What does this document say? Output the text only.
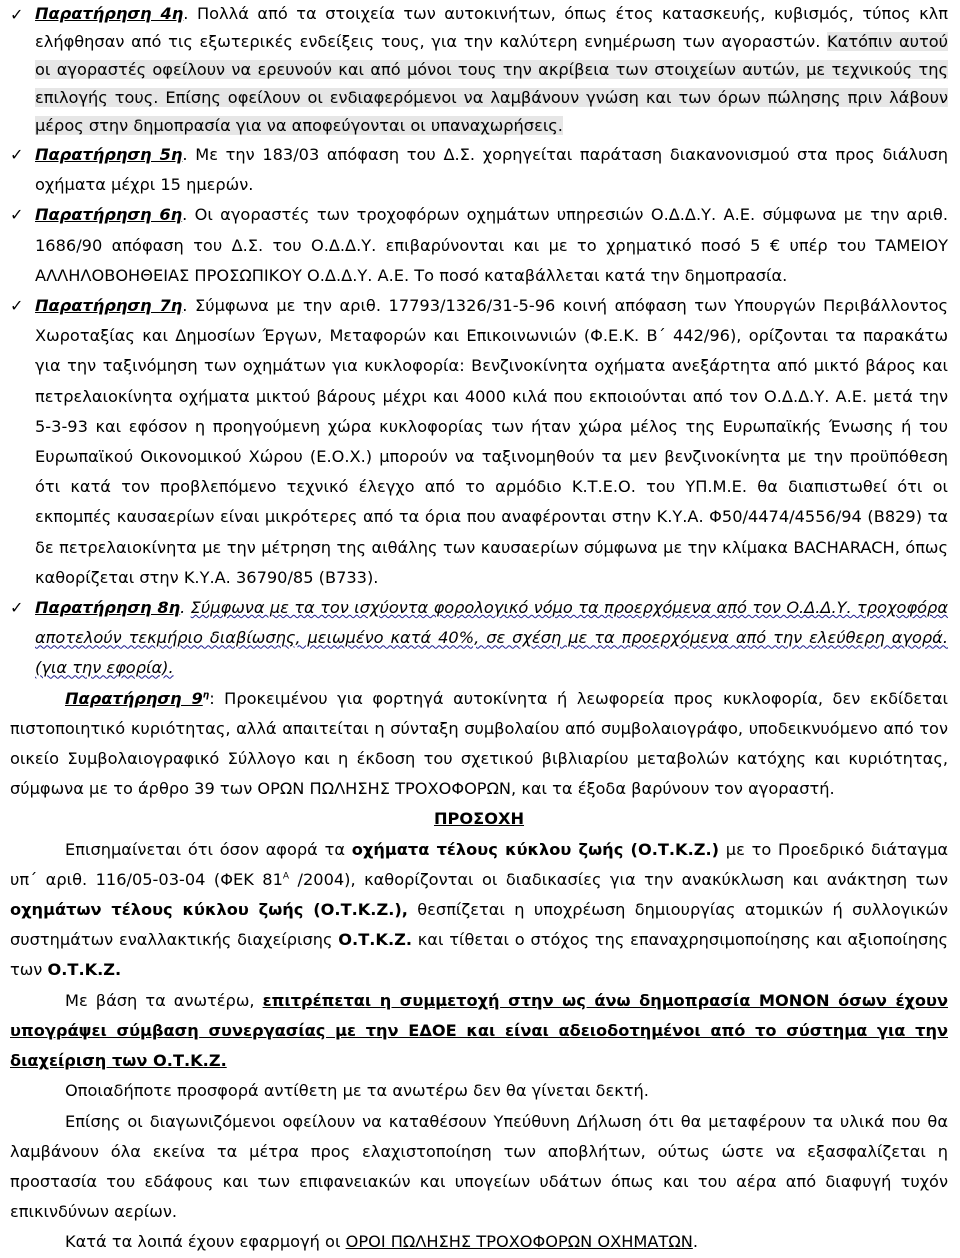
✓ Παρατήρηση 4η. Πολλά από τα στοιχεία των αυτοκινήτων, όπως έτος κατασκευής, κυβισμός, τύπος κλπ ελήφθησαν από τις εξωτερικές ενδείξεις τους, για την καλύτερη ενημέρωση των αγοραστών. Κατόπιν αυτού οι αγοραστές οφείλουν να ερευνούν και από μόνοι τους την ακρίβεια των στοιχείων αυτών, με τεχνικούς της επιλογής τους. Επίσης οφείλουν οι ενδιαφερόμενοι να λαμβάνουν γνώση και των όρων πώλησης πριν λάβουν μέρος στην δημοπρασία για να αποφεύγονται οι υπαναχωρήσεις.

✓ Παρατήρηση 5η. Με την 183/03 απόφαση του Δ.Σ. χορηγείται παράταση διακανονισμού στα προς διάλυση οχήματα μέχρι 15 ημερών.

✓ Παρατήρηση 6η. Οι αγοραστές των τροχοφόρων οχημάτων υπηρεσιών Ο.Δ.Δ.Υ. Α.Ε. σύμφωνα με την αριθ. 1686/90 απόφαση του Δ.Σ. του Ο.Δ.Δ.Υ. επιβαρύνονται και με το χρηματικό ποσό 5 € υπέρ του ΤΑΜΕΙΟΥ ΑΛΛΗΛΟΒΟΗΘΕΙΑΣ ΠΡΟΣΩΠΙΚΟΥ Ο.Δ.Δ.Υ. Α.Ε. Το ποσό καταβάλλεται κατά την δημοπρασία.

✓ Παρατήρηση 7η. Σύμφωνα με την αριθ. 17793/1326/31-5-96 κοινή απόφαση των Υπουργών Περιβάλλοντος Χωροταξίας και Δημοσίων Έργων, Μεταφορών και Επικοινωνιών (Φ.Ε.Κ. Β΄ 442/96), ορίζονται τα παρακάτω για την ταξινόμηση των οχημάτων για κυκλοφορία: Βενζινοκίνητα οχήματα ανεξάρτητα από μικτό βάρος και πετρελαιοκίνητα οχήματα μικτού βάρους μέχρι και 4000 κιλά που εκποιούνται από τον Ο.Δ.Δ.Υ. Α.Ε. μετά την 5-3-93 και εφόσον η προηγούμενη χώρα κυκλοφορίας των ήταν χώρα μέλος της Ευρωπαϊκής Ένωσης ή του Ευρωπαϊκού Οικονομικού Χώρου (Ε.Ο.Χ.) μπορούν να ταξινομηθούν τα μεν βενζινοκίνητα με την προϋπόθεση ότι κατά τον προβλεπόμενο τεχνικό έλεγχο από το αρμόδιο Κ.Τ.Ε.Ο. του ΥΠ.Μ.Ε. θα διαπιστωθεί ότι οι εκπομπές καυσαερίων είναι μικρότερες από τα όρια που αναφέρονται στην Κ.Υ.Α. Φ50/4474/4556/94 (Β829) τα δε πετρελαιοκίνητα με την μέτρηση της αιθάλης των καυσαερίων σύμφωνα με την κλίμακα BACHARACH, όπως καθορίζεται στην Κ.Υ.Α. 36790/85 (Β733).

✓ Παρατήρηση 8η. Σύμφωνα με τα τον ισχύοντα φορολογικό νόμο τα προερχόμενα από τον Ο.Δ.Δ.Υ. τροχοφόρα αποτελούν τεκμήριο διαβίωσης, μειωμένο κατά 40%, σε σχέση με τα προερχόμενα από την ελεύθερη αγορά. (για την εφορία).

Παρατήρηση $9^\eta$: Προκειμένου για φορτηγά αυτοκίνητα ή λεωφορεία προς κυκλοφορία, δεν εκδίδεται πιστοποιητικό κυριότητας, αλλά απαιτείται η σύνταξη συμβολαίου από συμβολαιογράφο, υποδεικνυόμενο από τον οικείο Συμβολαιογραφικό Σύλλογο και η έκδοση του σχετικού βιβλιαρίου μεταβολών κατόχης και κυριότητας, σύμφωνα με το άρθρο 39 των ΟΡΩΝ ΠΩΛΗΣΗΣ ΤΡΟΧΟΦΟΡΩΝ, και τα έξοδα βαρύνουν τον αγοραστή.

ΠΡΟΣΟΧΗ

Επισημαίνεται ότι όσον αφορά τα οχήματα τέλους κύκλου ζωής (Ο.Τ.Κ.Ζ.) με το Προεδρικό διάταγμα υπ΄ αριθ. 116/05-03-04 (ΦΕΚ $81^A$ /2004), καθορίζονται οι διαδικασίες για την ανακύκλωση και ανάκτηση των οχημάτων τέλους κύκλου ζωής (Ο.Τ.Κ.Ζ.), θεσπίζεται η υποχρέωση δημιουργίας ατομικών ή συλλογικών συστημάτων εναλλακτικής διαχείρισης Ο.Τ.Κ.Ζ. και τίθεται ο στόχος της επαναχρησιμοποίησης και αξιοποίησης των Ο.Τ.Κ.Ζ.

Με βάση τα ανωτέρω, επιτρέπεται η συμμετοχή στην ως άνω δημοπρασία ΜΟΝΟΝ όσων έχουν υπογράψει σύμβαση συνεργασίας με την ΕΔΟΕ και είναι αδειοδοτημένοι από το σύστημα για την διαχείριση των Ο.Τ.Κ.Ζ.

Οποιαδήποτε προσφορά αντίθετη με τα ανωτέρω δεν θα γίνεται δεκτή.

Επίσης οι διαγωνιζόμενοι οφείλουν να καταθέσουν Υπεύθυνη Δήλωση ότι θα μεταφέρουν τα υλικά που θα λαμβάνουν όλα εκείνα τα μέτρα προς ελαχιστοποίηση των αποβλήτων, ούτως ώστε να εξασφαλίζεται η προστασία του εδάφους και των επιφανειακών και υπογείων υδάτων όπως και του αέρα από διαφυγή τυχόν επικινδύνων αερίων.

Κατά τα λοιπά έχουν εφαρμογή οι ΟΡΟΙ ΠΩΛΗΣΗΣ ΤΡΟΧΟΦΟΡΩΝ ΟΧΗΜΑΤΩΝ.
